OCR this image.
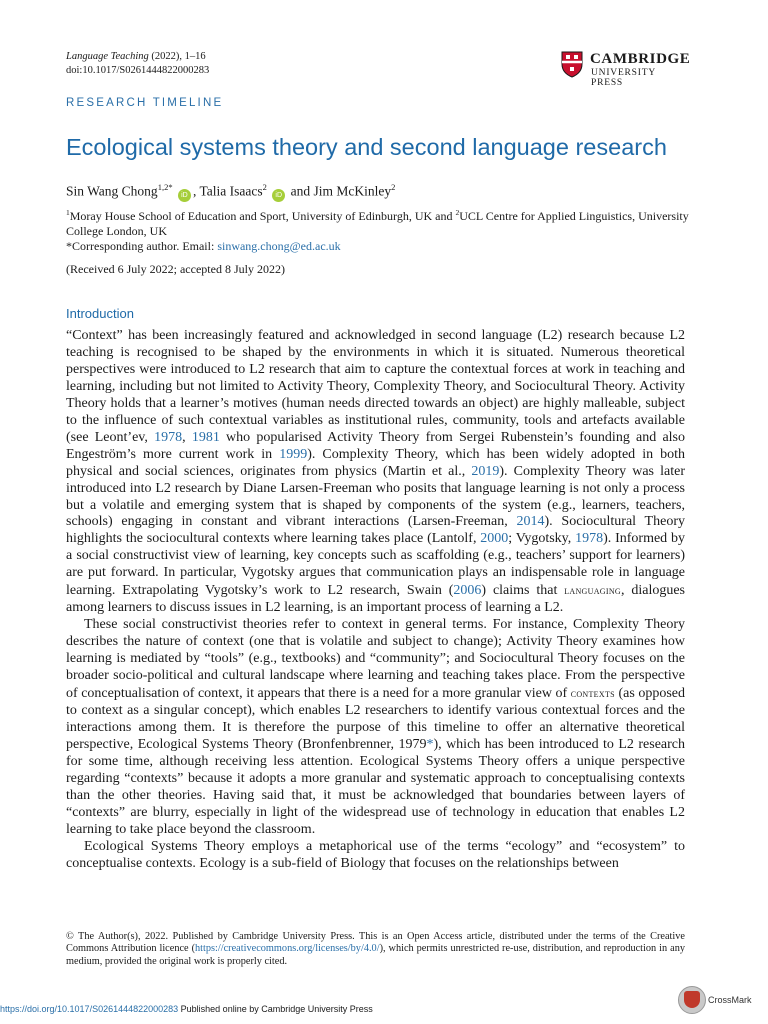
Language Teaching (2022), 1–16
doi:10.1017/S0261444822000283
CAMBRIDGE
UNIVERSITY PRESS
RESEARCH TIMELINE
Ecological systems theory and second language research
Sin Wang Chong$^{1,2*}$ iD , Talia Isaacs$^2$ iD and Jim McKinley$^2$
$^1$Moray House School of Education and Sport, University of Edinburgh, UK and $^2$UCL Centre for Applied Linguistics, University College London, UK
*Corresponding author. Email: sinwang.chong@ed.ac.uk
(Received 6 July 2022; accepted 8 July 2022)
Introduction

“Context” has been increasingly featured and acknowledged in second language (L2) research because L2 teaching is recognised to be shaped by the environments in which it is situated. Numerous theoretical perspectives were introduced to L2 research that aim to capture the contextual forces at work in teaching and learning, including but not limited to Activity Theory, Complexity Theory, and Sociocultural Theory. Activity Theory holds that a learner’s motives (human needs directed towards an object) are highly malleable, subject to the influence of such contextual variables as institutional rules, community, tools and artefacts available (see Leont’ev, 1978, 1981 who popularised Activity Theory from Sergei Rubenstein’s founding and also Engeström’s more current work in 1999). Complexity Theory, which has been widely adopted in both physical and social sciences, originates from physics (Martin et al., 2019). Complexity Theory was later introduced into L2 research by Diane Larsen-Freeman who posits that language learning is not only a process but a volatile and emerging system that is shaped by components of the system (e.g., learners, teachers, schools) engaging in constant and vibrant interactions (Larsen-Freeman, 2014). Sociocultural Theory highlights the sociocultural contexts where learning takes place (Lantolf, 2000; Vygotsky, 1978). Informed by a social constructivist view of learning, key concepts such as scaffolding (e.g., teachers’ support for learners) are put forward. In particular, Vygotsky argues that communication plays an indispensable role in language learning. Extrapolating Vygotsky’s work to L2 research, Swain (2006) claims that languaging, dialogues among learners to discuss issues in L2 learning, is an important process of learning a L2.

These social constructivist theories refer to context in general terms. For instance, Complexity Theory describes the nature of context (one that is volatile and subject to change); Activity Theory examines how learning is mediated by “tools” (e.g., textbooks) and “community”; and Sociocultural Theory focuses on the broader socio-political and cultural landscape where learning and teaching takes place. From the perspective of conceptualisation of context, it appears that there is a need for a more granular view of contexts (as opposed to context as a singular concept), which enables L2 researchers to identify various contextual forces and the interactions among them. It is therefore the purpose of this timeline to offer an alternative theoretical perspective, Ecological Systems Theory (Bronfenbrenner, 1979*), which has been introduced to L2 research for some time, although receiving less attention. Ecological Systems Theory offers a unique perspective regarding “contexts” because it adopts a more granular and systematic approach to conceptualising contexts than the other theories. Having said that, it must be acknowledged that boundaries between layers of “contexts” are blurry, especially in light of the widespread use of technology in education that enables L2 learning to take place beyond the classroom.

Ecological Systems Theory employs a metaphorical use of the terms “ecology” and “ecosystem” to conceptualise contexts. Ecology is a sub-field of Biology that focuses on the relationships between

© The Author(s), 2022. Published by Cambridge University Press. This is an Open Access article, distributed under the terms of the Creative Commons Attribution licence (https://creativecommons.org/licenses/by/4.0/), which permits unrestricted re-use, distribution, and reproduction in any medium, provided the original work is properly cited.
https://doi.org/10.1017/S0261444822000283 Published online by Cambridge University Press
CrossMark
